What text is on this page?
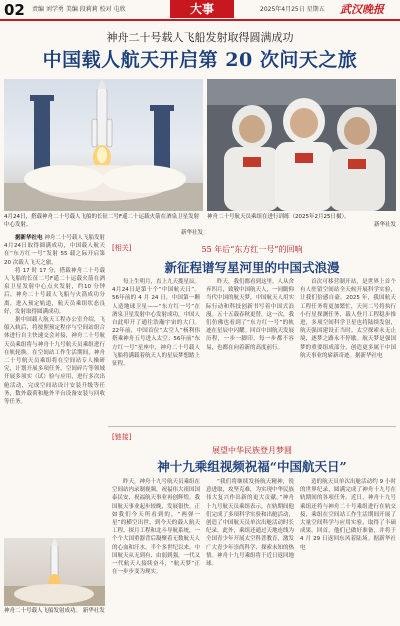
02 责编 刘学勇 美编 段莉莉 校对 屯欣	大事	2025年4月25日 星期五 武汉晚报
神舟二十号载人飞船发射取得圆满成功
中国载人航天开启第 20 次问天之旅
4月24日，搭载神舟二十号载人飞船的长征二号F遥二十运载火箭在酒泉卫星发射中心发射。
新华社发
神舟二十号航天员乘组在进行训练（2025年2月25日摄）。
新华社发

据新华社电 神舟二十号载人飞船发射 4月24日取得圆满成功，中国载人航天在“东方红一号”发射 55 载之际开启第 20 次载人飞天之旅。

将 17 时 17 分，搭载神舟二十号载人飞船的长征二号F遥二十运载火箭在酒泉卫星发射中心点火发射，约10 分钟后，神舟二十号载人飞船与火箭成功分离，进入预定轨道，航天员乘组状态良好，发射取得圆满成功。

据中国载人航天工程办公室介绍，飞船入轨后，将按照预定程序与空间站组合体进行自主快速交会对接，神舟二十号航天员乘组将与神舟十九号航天员乘组进行在轨轮换。在空间站工作生活期间，神舟二十号航天员乘组将在空间站专人操研究，计划开展多项任务，空间碎片等领域开展多项实（试）验与应用，进行多次出舱活动，完成空间站设计安装升级等任务，数外载荷和舱外平台设备安装与回收等任务。

神舟二十号载人飞船发射成功。 新华社发
[相关]	55 年后“东方红一号”的回响
新征程谱写星河里的中国式浪漫

每上生明月，直上九天揽星辰。4月24日是第十个“中国航天日”。56年前的 4 月 24 日，中国第一颗人造地球卫星——“东方红一号”在酒泉卫星发射中心发射成功，中国人自此叩开了通往浩瀚宇宙的大门。22年前，中国首位“太空人”杨利伟搭乘神舟五号进入太空；56年前“东方红一号”星座中，神舟二十号载人飞船将满载着航天人的星辰梦想踏上征程。

昨天，我们都看到这里。人从舍弃四月，致敬中国航天人，一同瞻仰当代中国的航天梦。中国航天人用实际行动和科技创新书写着中国式浪漫。五十五载春秋更替，这一次，我们仿佛也看到了“东方红一号”的轨迹在星辰中闪耀。回首中国航天发展历程，一步一脚印，每一步都不容易，也都在向着新的高度前行。

首次可移营制开站，是世界上首个有人驻留空间站全天候开展科学实验，让我们倍感自豪。2025 年，我国航天工程任务将更加繁忙，天问二号将执行小行星探测任务，载人登月工程稳步推进，多项空间科学卫星也将陆续发射，航天强国建设正当时。太空探索永无止境，逐梦之路永不停歇。航天梦是强国梦的重要组成部分，创造更多属于中国航天事业的崭新奇迹。据新华社电

[链接]
展望中华民族登月梦圆
神十九乘组视频祝福“中国航天日”

昨天，神舟十九号航天员乘组在空间站内录制视频，祝福伟大祖国国泰民安、祝福航天事业再创辉煌。我国航天事业起步较晚，发展很快。正如我们今天所看到的，“两弹一星”的横空出世，到今天的载人航天工程、探月工程和北斗导航系统，一个个大国重器背后凝聚着无数航天人的心血和汗水。半个多世纪以来，中国航天从无到有、由弱到强，一代又一代航天人接续奋斗，“航天梦”正在一步步变为现实。

“我们将继续发扬航天精神，锐意进取，攻坚克难，为实现中华民族伟大复兴作出新的更大贡献。”神舟十九号航天员乘组表示，在轨期间他们完成了多项科学实验和出舱活动，创造了中国航天员单次出舱活动时长纪录。此外，乘组还通过天地连线为全国青少年开展太空科普教育，激发广大青少年崇尚科学、探索未知的热情。神舟十九号乘组将于近日返回地球。

造的航天员单次出舱活动约 9 小时的世界纪录，圆满完成了神舟十九号在轨期间的各项任务。近日，神舟十九号乘组还将与神舟二十号乘组进行在轨交接，乘组在空间站工作生活期间开展了大量空间科学与应用实验，取得了丰硕成果。回首，他们已做好准备，并将于 4 月 29 日返回东风着陆场。据新华社电
